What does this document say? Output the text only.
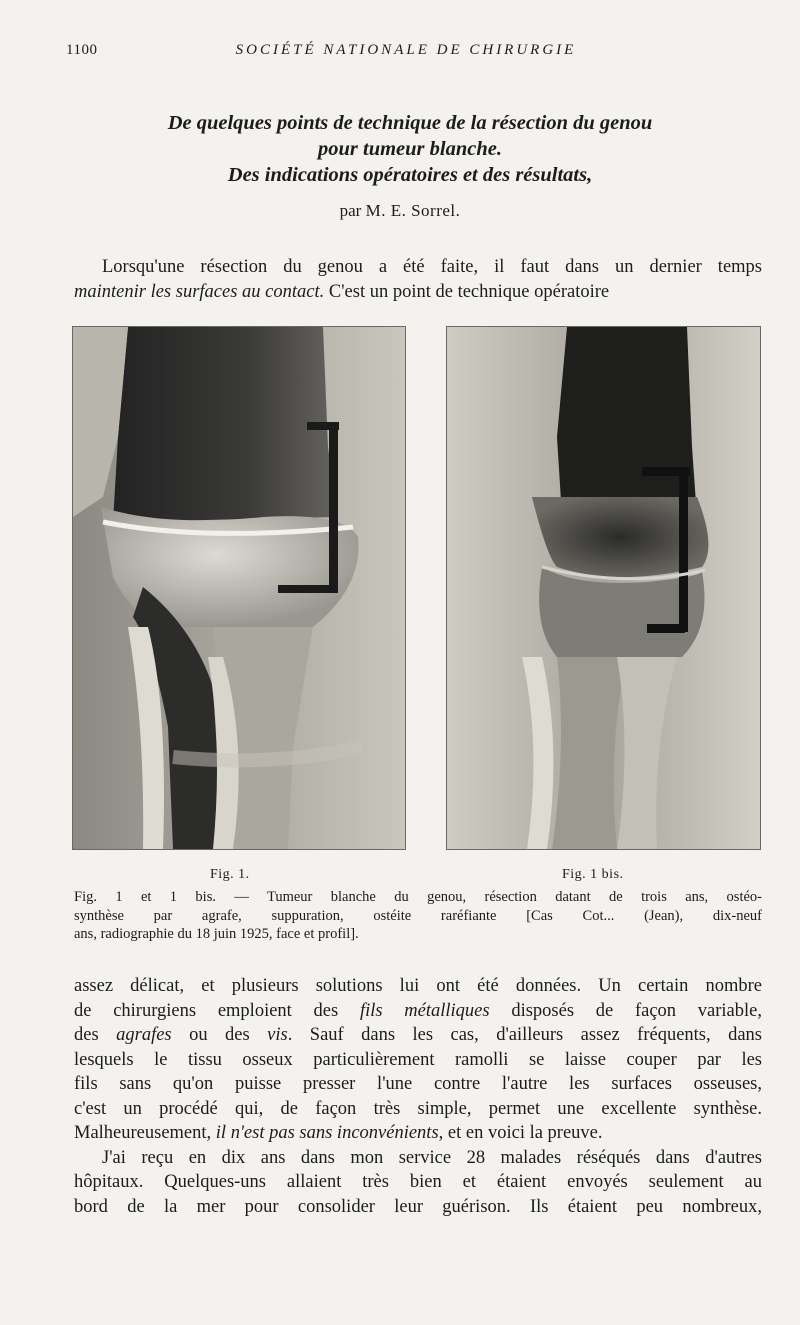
1100	SOCIÉTÉ NATIONALE DE CHIRURGIE
De quelques points de technique de la résection du genou
pour tumeur blanche.
Des indications opératoires et des résultats,
par M. E. Sorrel.
Lorsqu'une résection du genou a été faite, il faut dans un dernier temps
maintenir les surfaces au contact. C'est un point de technique opératoire
Fig. 1.	Fig. 1 bis.
Fig. 1 et 1 bis. — Tumeur blanche du genou, résection datant de trois ans, ostéo-
synthèse par agrafe, suppuration, ostéite raréfiante [Cas Cot... (Jean), dix-neuf
ans, radiographie du 18 juin 1925, face et profil].
assez délicat, et plusieurs solutions lui ont été données. Un certain nombre
de chirurgiens emploient des fils métalliques disposés de façon variable,
des agrafes ou des vis. Sauf dans les cas, d'ailleurs assez fréquents, dans
lesquels le tissu osseux particulièrement ramolli se laisse couper par les
fils sans qu'on puisse presser l'une contre l'autre les surfaces osseuses,
c'est un procédé qui, de façon très simple, permet une excellente synthèse.
Malheureusement, il n'est pas sans inconvénients, et en voici la preuve.
J'ai reçu en dix ans dans mon service 28 malades réséqués dans d'autres
hôpitaux. Quelques-uns allaient très bien et étaient envoyés seulement au
bord de la mer pour consolider leur guérison. Ils étaient peu nombreux,
